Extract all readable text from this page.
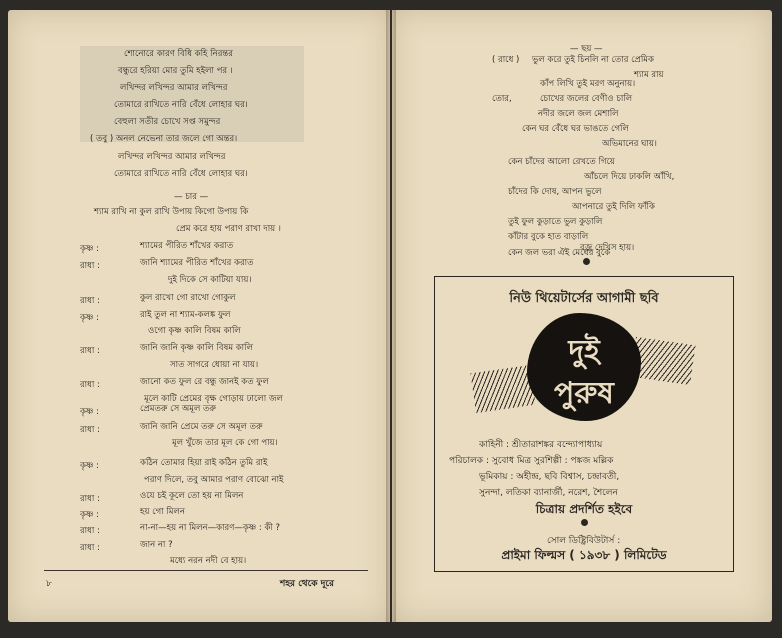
শোনোরে কারণ বিধি কহি নিরন্তর
বন্ধুরে হরিয়া মোর তুমি হইলা পর ।
লখিন্দর লখিন্দর আমার লখিন্দর
তোমারে রাখিতে নারি বেঁধে লোহার ঘর।
বেহুলা সতীর চোখে সপ্ত সমুন্দর
( তবু ) অনল নেভেনা তার জলে গো অন্তর।
লখিন্দর লখিন্দর আমার লখিন্দর
তোমারে রাখিতে নারি বেঁধে লোহার ঘর।
— চার —
শ্যাম রাখি না কুল রাখি উপায় কিগো উপায় কি
প্রেম করে হায় পরাণ রাখা দায় ।
কৃষ্ণ :	শ্যামের পীরিত শাঁখের করাত
রাধা :	জানি শ্যামের পীরিত শাঁখের করাত
দুই দিকে সে কাটিয়া যায়।
রাধা :	কুল রাখো গো রাখো গোকুল
কৃষ্ণ :	রাই তুল না শ্যাম-কলঙ্ক ফুল
ওগো কৃষ্ণ কালি বিষম কালি
রাধা :	জানি জানি কৃষ্ণ কালি বিষম কালি
সাত সাগরে ধোয়া না যায়।
রাধা :	জানো কত ফুল রে বন্ধু জানই কত ফুল
মূলে কাটি প্রেমের বৃক্ষ গোড়ায় ঢালো জল
কৃষ্ণ :	প্রেমতরু সে অমূল তরু
রাধা :	জানি জানি প্রেমে তরু সে অমূল তরু
মূল খুঁজে তার মূল কে গো পায়।
কৃষ্ণ :	কঠিন তোমার হিয়া রাই কঠিন তুমি রাই
পরাণ দিলে, তবু আমার পরাণ বোঝো নাই
রাধা :	ওযে চই কূলে তো হয় না মিলন
কৃষ্ণ :	হয় গো মিলন
রাধা :	না-না—হয় না মিলন—কারণ—কৃষ্ণ : কী ?
রাধা :	জান না ?
মধ্যে নরন নদী বে হায়।
৮	শহর থেকে দূরে
— ছয় —
( রাধে ) ভুল করে তুই চিনলি না তোর প্রেমিক
শ্যাম রায়
কাঁপ লিখি তুই মরণ অনুনায়।
তোর,	চোখের জলের বেণীও চালি
নদীর জলে জল মেশালি
কেন ঘর বেঁধে ঘর ভাঙতে গেলি
অভিমানের ঘায়।
কেন চাঁদের আলো রেখতে গিয়ে
আঁচলে দিয়ে ঢাকলি আঁখি,
চাঁদের কি দোষ, আপন ভুলে
আপনারে তুই দিলি ফাঁকি
তুই ফুল কুড়াতে ভুল কুড়ালি
কাঁটার বুকে হাত বাড়ালি
কেন জল ভরা ঐই মেঘের বুকে
বজ্র দেখিস হায়।
নিউ থিয়েটার্সের আগামী ছবি
দুই
পুরুষ
কাহিনী : শ্রীতারাশঙ্কর বন্দ্যোপাধ্যায়
পরিচালক : সুবোধ মিত্র সুরশিল্পী : পঙ্কজ মল্লিক
ভূমিকায় : অহীন্দ্র, ছবি বিশ্বাস, চন্দ্রাবতী,
সুনন্দা, লতিকা ব্যানার্জী, নরেশ, শৈলেন
চিত্রায় প্রদর্শিত হইবে
সোল ডিষ্ট্রিবিউটার্স :
প্রাইমা ফিল্মস ( ১৯৩৮ ) লিমিটেড
